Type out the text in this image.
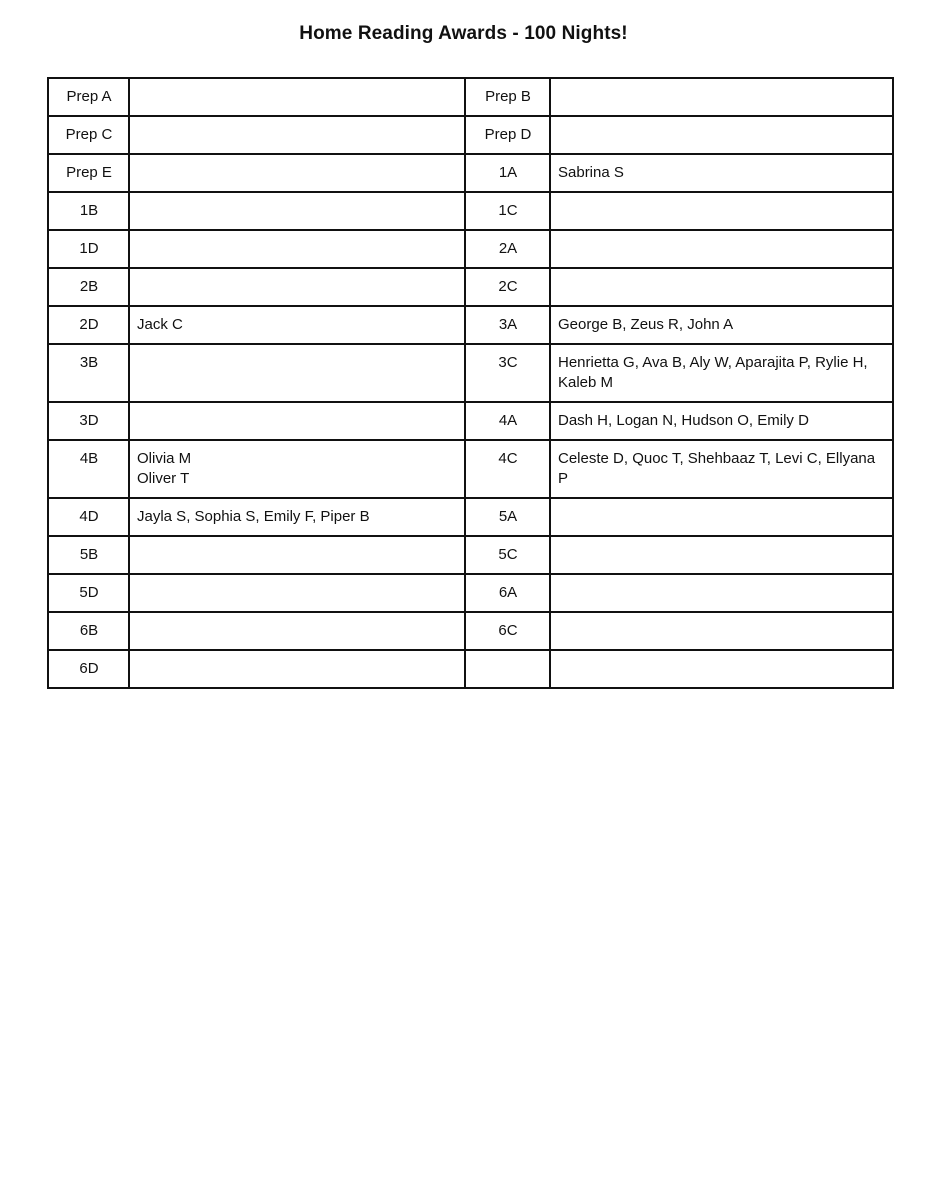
Home Reading Awards - 100 Nights!
Prep A		Prep B	
Prep C		Prep D	
Prep E		1A	Sabrina S

1B		1C	
1D		2A	
2B		2C	
2D	Jack C	3A	George B, Zeus R, John A

3B		3C	Henrietta G, Ava B, Aly W, Aparajita P, Rylie H,
Kaleb M

3D		4A	Dash H, Logan N, Hudson O, Emily D

4B	Olivia M
Oliver T	4C	Celeste D, Quoc T, Shehbaaz T, Levi C, Ellyana P

4D	Jayla S, Sophia S, Emily F, Piper B	5A	
5B		5C	
5D		6A	
6B		6C	
6D			
